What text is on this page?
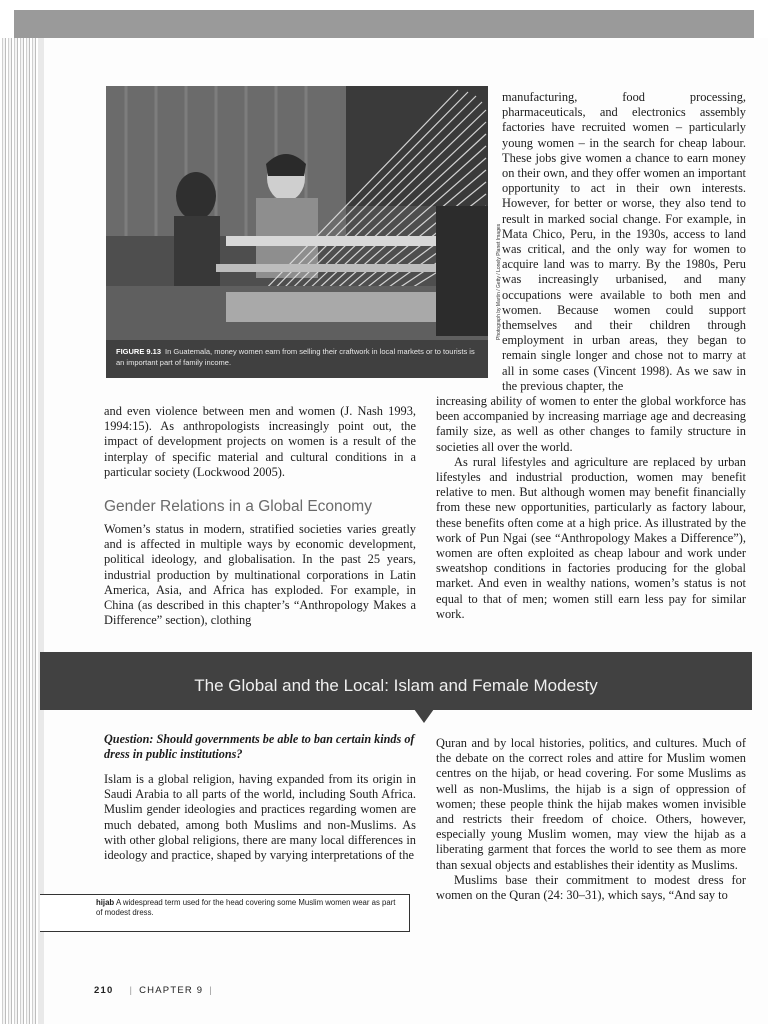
FIGURE 9.13 In Guatemala, money women earn from selling their craftwork in local markets or to tourists is an important part of family income.

manufacturing, food processing, pharmaceuticals, and electronics assembly factories have recruited women – particularly young women – in the search for cheap labour. These jobs give women a chance to earn money on their own, and they offer women an important opportunity to act in their own interests. However, for better or worse, they also tend to result in marked social change. For example, in Mata Chico, Peru, in the 1930s, access to land was critical, and the only way for women to acquire land was to marry. By the 1980s, Peru was increasingly urbanised, and many occupations were available to both men and women. Because women could support themselves and their children through employment in urban areas, they began to remain single longer and chose not to marry at all in some cases (Vincent 1998). As we saw in the previous chapter, the

increasing ability of women to enter the global workforce has been accompanied by increasing marriage age and decreasing family size, as well as other changes to family structure in societies all over the world.

As rural lifestyles and agriculture are replaced by urban lifestyles and industrial production, women may benefit relative to men. But although women may benefit financially from these new opportunities, particularly as factory labour, these benefits often come at a high price. As illustrated by the work of Pun Ngai (see “Anthropology Makes a Difference”), women are often exploited as cheap labour and work under sweatshop conditions in factories producing for the global market. And even in wealthy nations, women’s status is not equal to that of men; women still earn less pay for similar work.

and even violence between men and women (J. Nash 1993, 1994:15). As anthropologists increasingly point out, the impact of development projects on women is a result of the interplay of specific material and cultural conditions in a particular society (Lockwood 2005).

Gender Relations in a Global Economy

Women’s status in modern, stratified societies varies greatly and is affected in multiple ways by economic development, political ideology, and globalisation. In the past 25 years, industrial production by multinational corporations in Latin America, Asia, and Africa has exploded. For example, in China (as described in this chapter’s “Anthropology Makes a Difference” section), clothing

The Global and the Local: Islam and Female Modesty
Question: Should governments be able to ban certain kinds of dress in public institutions?

Islam is a global religion, having expanded from its origin in Saudi Arabia to all parts of the world, including South Africa. Muslim gender ideologies and practices regarding women are much debated, among both Muslims and non-Muslims. As with other global religions, there are many local differences in ideology and practice, shaped by varying interpretations of the

Quran and by local histories, politics, and cultures. Much of the debate on the correct roles and attire for Muslim women centres on the hijab, or head covering. For some Muslims as well as non-Muslims, the hijab is a sign of oppression of women; these people think the hijab makes women invisible and restricts their freedom of choice. Others, however, especially young Muslim women, may view the hijab as a liberating garment that forces the world to see them as more than sexual objects and establishes their identity as Muslims.

Muslims base their commitment to modest dress for women on the Quran (24: 30–31), which says, “And say to

hijab A widespread term used for the head covering some Muslim women wear as part of modest dress.
210 | CHAPTER 9 |
